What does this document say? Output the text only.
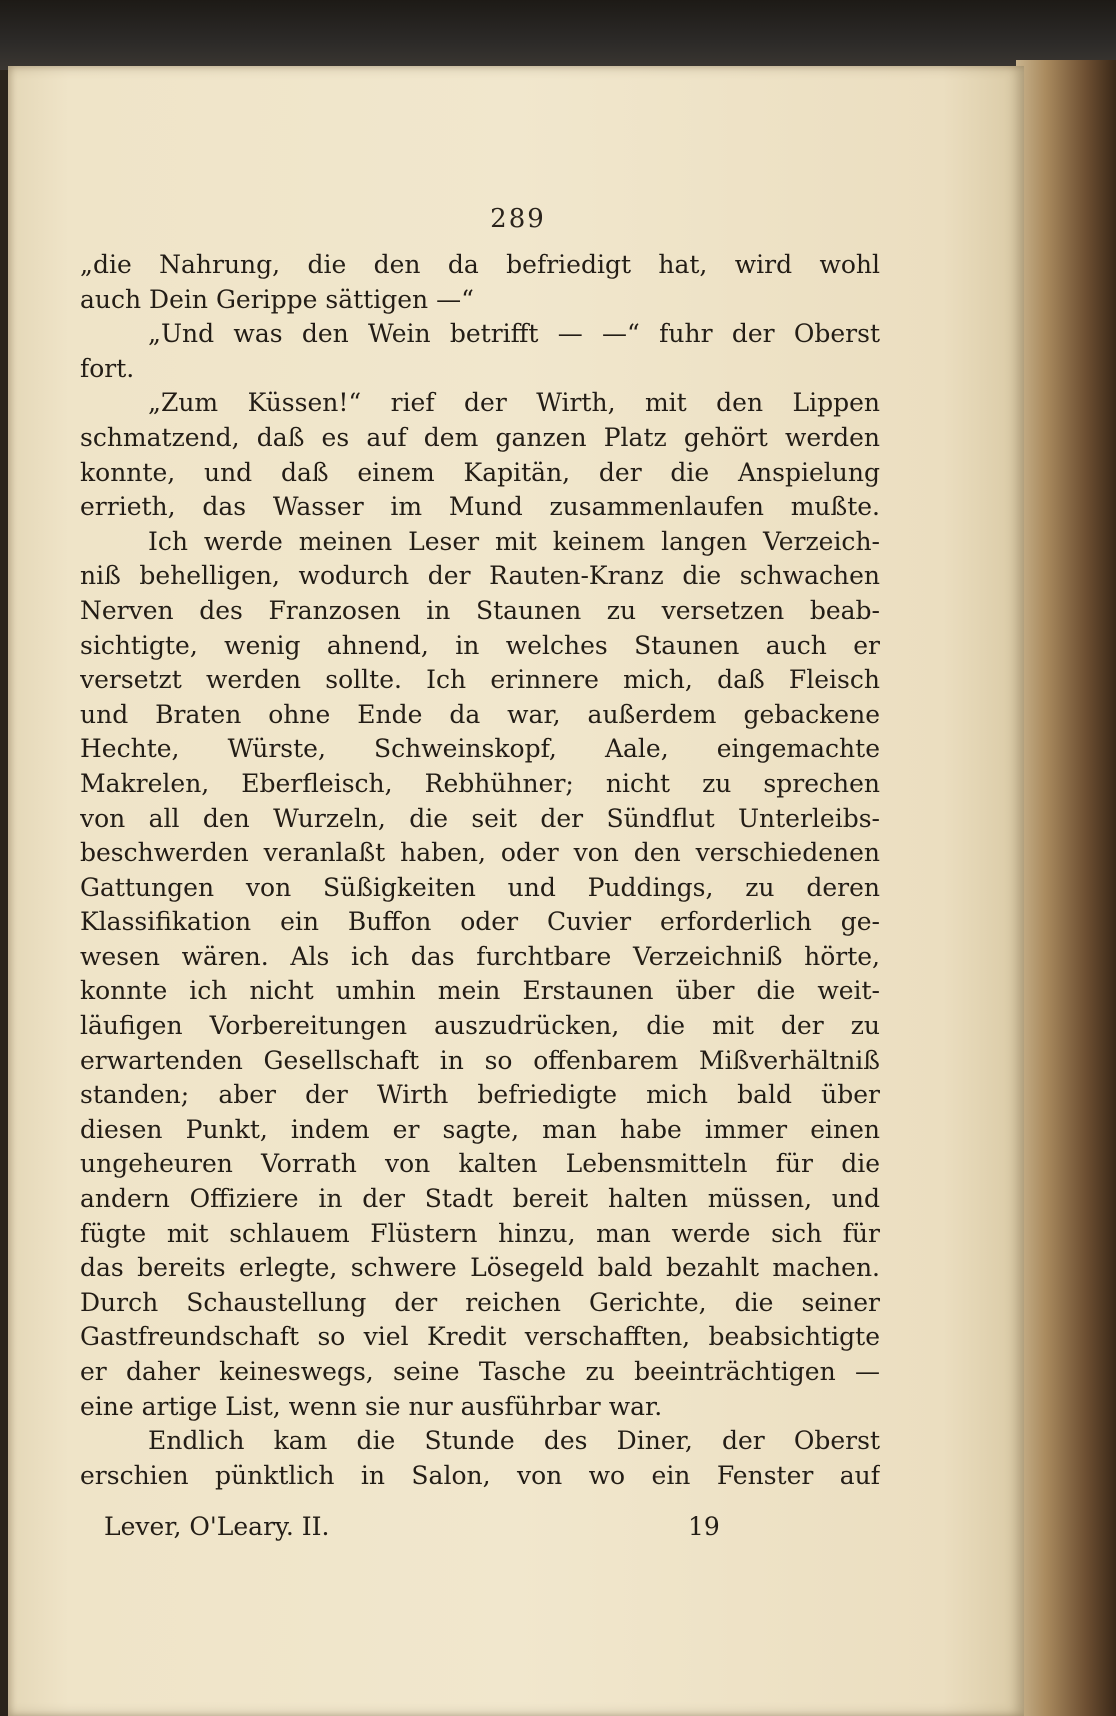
289
„die Nahrung, die den da befriedigt hat, wird wohl
auch Dein Gerippe sättigen —“
„Und was den Wein betrifft — —“ fuhr der Oberst
fort.
„Zum Küssen!“ rief der Wirth, mit den Lippen
schmatzend, daß es auf dem ganzen Platz gehört werden
konnte, und daß einem Kapitän, der die Anspielung
errieth, das Wasser im Mund zusammenlaufen mußte.
Ich werde meinen Leser mit keinem langen Verzeich-
niß behelligen, wodurch der Rauten-Kranz die schwachen
Nerven des Franzosen in Staunen zu versetzen beab-
sichtigte, wenig ahnend, in welches Staunen auch er
versetzt werden sollte. Ich erinnere mich, daß Fleisch
und Braten ohne Ende da war, außerdem gebackene
Hechte, Würste, Schweinskopf, Aale, eingemachte
Makrelen, Eberfleisch, Rebhühner; nicht zu sprechen
von all den Wurzeln, die seit der Sündflut Unterleibs-
beschwerden veranlaßt haben, oder von den verschiedenen
Gattungen von Süßigkeiten und Puddings, zu deren
Klassifikation ein Buffon oder Cuvier erforderlich ge-
wesen wären. Als ich das furchtbare Verzeichniß hörte,
konnte ich nicht umhin mein Erstaunen über die weit-
läufigen Vorbereitungen auszudrücken, die mit der zu
erwartenden Gesellschaft in so offenbarem Mißverhältniß
standen; aber der Wirth befriedigte mich bald über
diesen Punkt, indem er sagte, man habe immer einen
ungeheuren Vorrath von kalten Lebensmitteln für die
andern Offiziere in der Stadt bereit halten müssen, und
fügte mit schlauem Flüstern hinzu, man werde sich für
das bereits erlegte, schwere Lösegeld bald bezahlt machen.
Durch Schaustellung der reichen Gerichte, die seiner
Gastfreundschaft so viel Kredit verschafften, beabsichtigte
er daher keineswegs, seine Tasche zu beeinträchtigen —
eine artige List, wenn sie nur ausführbar war.
Endlich kam die Stunde des Diner, der Oberst
erschien pünktlich in Salon, von wo ein Fenster auf
Lever, O'Leary. II.	19
